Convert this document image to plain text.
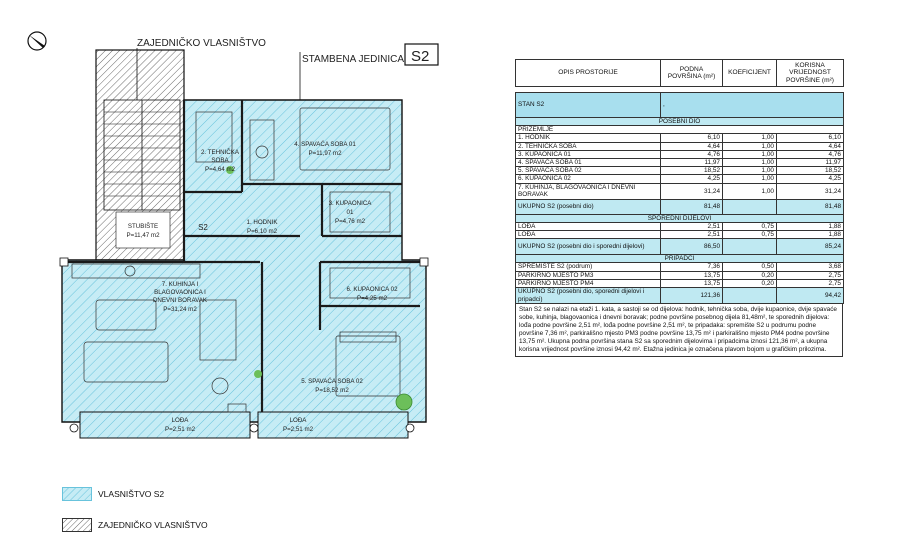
ZAJEDNIČKO VLASNIŠTVO
STAMBENA JEDINICA S2
2. TEHNIČKA
SOBA
P=4,64 m2
4. SPAVAĆA SOBA 01
P=11,97 m2
1. HODNIK
P=6,10 m2
3. KUPAONICA
01
P=4,76 m2
STUBIŠTE
P=11,47 m2
S2
7. KUHINJA I
BLAGOVAONICA I
DNEVNI BORAVAK
P=31,24 m2
6. KUPAONICA 02
P=4,25 m2
5. SPAVAĆA SOBA 02
P=18,52 m2
LOĐA
P=2,51 m2
LOĐA
P=2,51 m2
OPIS PROSTORIJE	PODNA POVRŠINA (m²)	KOEFICIJENT	KORISNA VRIJEDNOST POVRŠINE (m²)

STAN S2	,		
POSEBNI DIO			
PRIZEMLJE			
1. HODNIK	6,10	1,00	6,10
2. TEHNIČKA SOBA	4,64	1,00	4,64
3. KUPAONICA 01	4,76	1,00	4,76
4. SPAVAĆA SOBA 01	11,97	1,00	11,97
5. SPAVAĆA SOBA 02	18,52	1,00	18,52
6. KUPAONICA 02	4,25	1,00	4,25
7. KUHINJA, BLAGOVAONICA I DNEVNI BORAVAK	31,24	1,00	31,24
UKUPNO S2 (posebni dio)	81,48		81,48
SPOREDNI DIJELOVI			
LOĐA	2,51	0,75	1,88
LOĐA	2,51	0,75	1,88
UKUPNO S2 (posebni dio i sporedni dijelovi)	86,50		85,24
PRIPADCI			
SPREMIŠTE S2 (podrum)	7,36	0,50	3,68
PARKIRNO MJESTO PM3	13,75	0,20	2,75
PARKIRNO MJESTO PM4	13,75	0,20	2,75
UKUPNO S2 (posebni dio, sporedni dijelovi i pripadci)	121,36		94,42
Stan S2 se nalazi na etaži 1. kata, a sastoji se od dijelova: hodnik, tehnička soba, dvije kupaonice, dvije spavaće sobe, kuhinja, blagovaonica i dnevni boravak; podne površine posebnog dijela 81,48m², te sporednih dijelova: lođa podne površine 2,51 m², lođa podne površine 2,51 m², te pripadaka: spremište S2 u podrumu podne površine 7,36 m², parkirališno mjesto PM3 podne površine 13,75 m² i parkirališno mjesto PM4 podne površine 13,75 m². Ukupna podna površina stana S2 sa sporednim dijelovima i pripadcima iznosi 121,36 m², a ukupna korisna vrijednost površine iznosi 94,42 m². Etažna jedinica je označena plavom bojom u grafičkim prilozima.
VLASNIŠTVO S2
ZAJEDNIČKO VLASNIŠTVO
